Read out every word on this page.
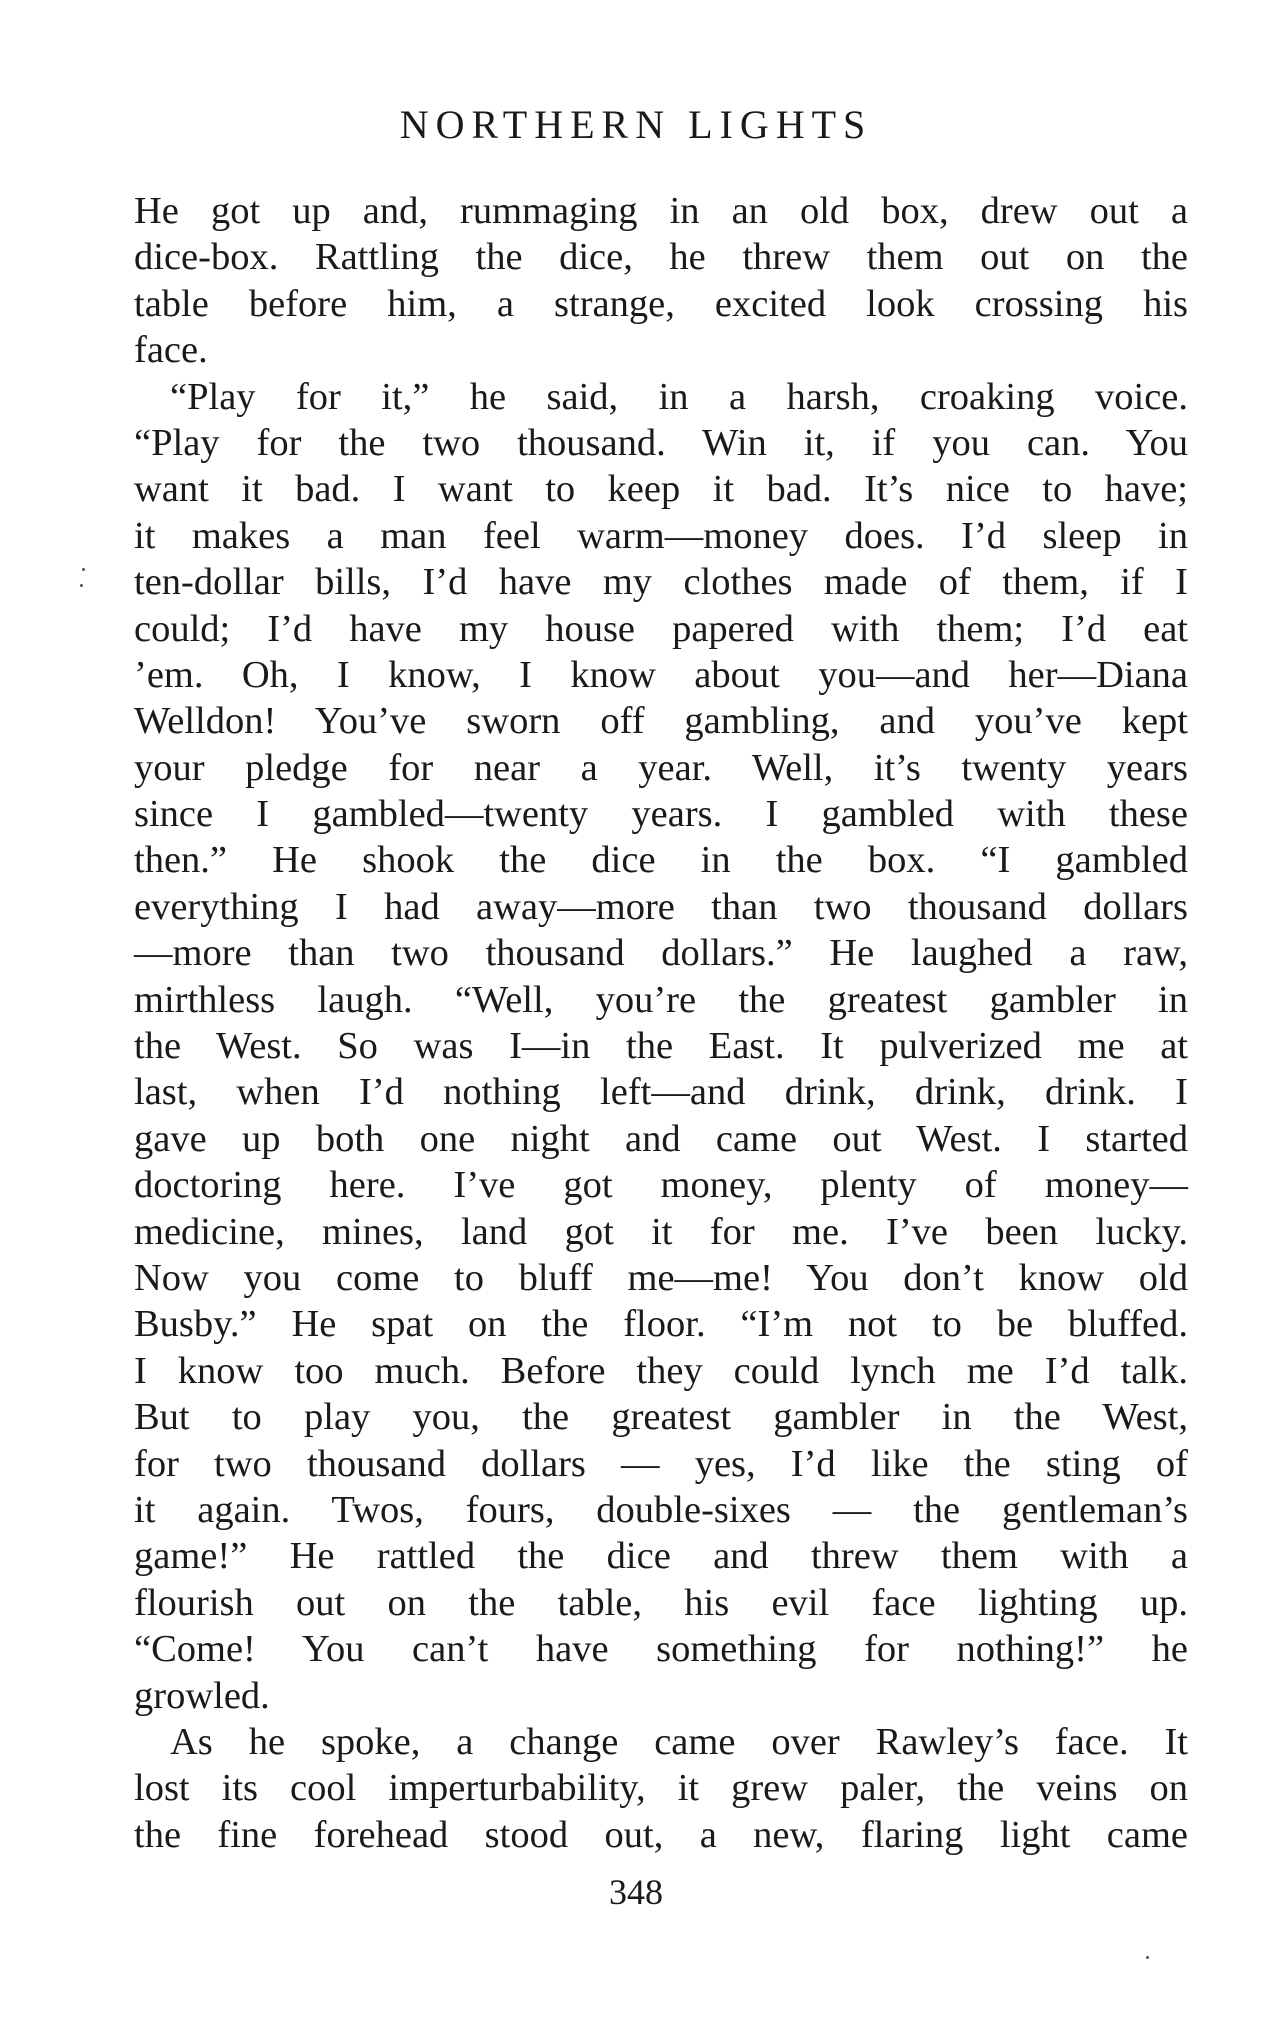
NORTHERN LIGHTS
He got up and, rummaging in an old box, drew out a
dice-box. Rattling the dice, he threw them out on the
table before him, a strange, excited look crossing his
face.
“Play for it,” he said, in a harsh, croaking voice.
“Play for the two thousand. Win it, if you can. You
want it bad. I want to keep it bad. It’s nice to have;
it makes a man feel warm—money does. I’d sleep in
ten-dollar bills, I’d have my clothes made of them, if I
could; I’d have my house papered with them; I’d eat
’em. Oh, I know, I know about you—and her—Diana
Welldon! You’ve sworn off gambling, and you’ve kept
your pledge for near a year. Well, it’s twenty years
since I gambled—twenty years. I gambled with these
then.” He shook the dice in the box. “I gambled
everything I had away—more than two thousand dollars
—more than two thousand dollars.” He laughed a raw,
mirthless laugh. “Well, you’re the greatest gambler in
the West. So was I—in the East. It pulverized me at
last, when I’d nothing left—and drink, drink, drink. I
gave up both one night and came out West. I started
doctoring here. I’ve got money, plenty of money—
medicine, mines, land got it for me. I’ve been lucky.
Now you come to bluff me—me! You don’t know old
Busby.” He spat on the floor. “I’m not to be bluffed.
I know too much. Before they could lynch me I’d talk.
But to play you, the greatest gambler in the West,
for two thousand dollars — yes, I’d like the sting of
it again. Twos, fours, double-sixes — the gentleman’s
game!” He rattled the dice and threw them with a
flourish out on the table, his evil face lighting up.
“Come! You can’t have something for nothing!” he
growled.
As he spoke, a change came over Rawley’s face. It
lost its cool imperturbability, it grew paler, the veins on
the fine forehead stood out, a new, flaring light came
348
